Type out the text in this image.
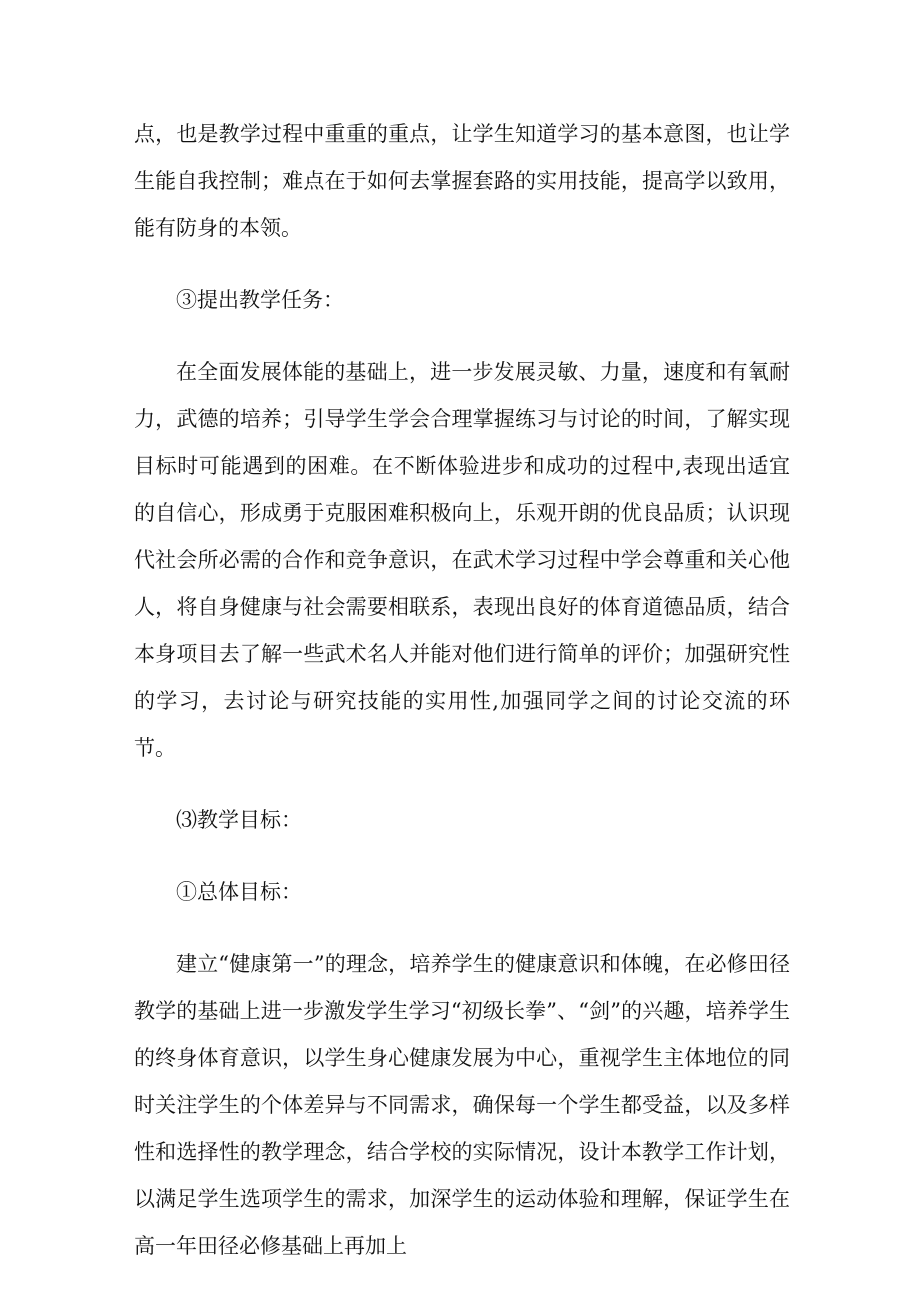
点，也是教学过程中重重的重点，让学生知道学习的基本意图，也让学生能自我控制；难点在于如何去掌握套路的实用技能，提高学以致用，能有防身的本领。

③提出教学任务：

在全面发展体能的基础上，进一步发展灵敏、力量，速度和有氧耐力，武德的培养；引导学生学会合理掌握练习与讨论的时间，了解实现目标时可能遇到的困难。在不断体验进步和成功的过程中,表现出适宜的自信心，形成勇于克服困难积极向上，乐观开朗的优良品质；认识现代社会所必需的合作和竞争意识，在武术学习过程中学会尊重和关心他人，将自身健康与社会需要相联系，表现出良好的体育道德品质，结合本身项目去了解一些武术名人并能对他们进行简单的评价；加强研究性的学习，去讨论与研究技能的实用性,加强同学之间的讨论交流的环节。

⑶教学目标：

①总体目标：

建立“健康第一”的理念，培养学生的健康意识和体魄，在必修田径教学的基础上进一步激发学生学习“初级长拳”、“剑”的兴趣，培养学生的终身体育意识，以学生身心健康发展为中心，重视学生主体地位的同时关注学生的个体差异与不同需求，确保每一个学生都受益，以及多样性和选择性的教学理念，结合学校的实际情况，设计本教学工作计划，以满足学生选项学生的需求，加深学生的运动体验和理解，保证学生在高一年田径必修基础上再加上
